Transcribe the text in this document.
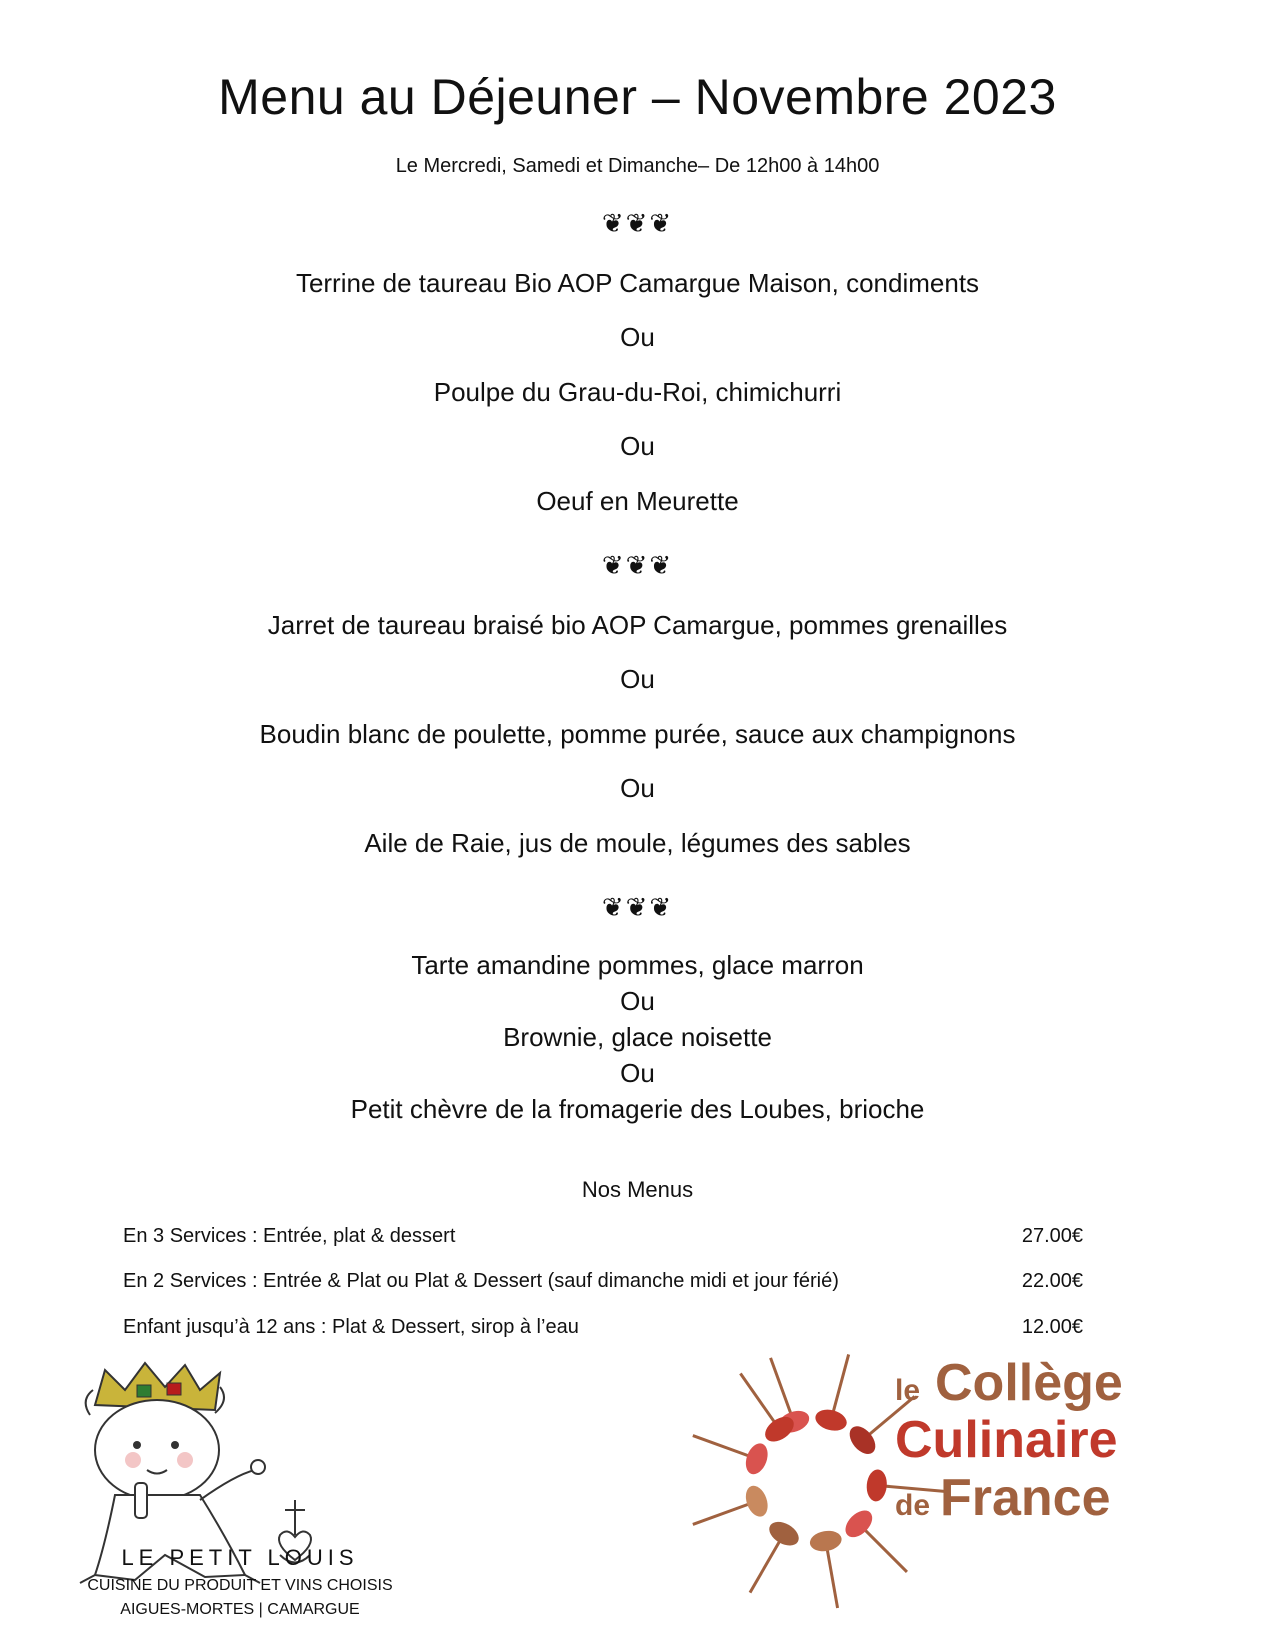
Menu au Déjeuner – Novembre 2023
Le Mercredi, Samedi et Dimanche– De 12h00 à 14h00
❦❦❦
Terrine de taureau Bio AOP Camargue Maison, condiments
Ou
Poulpe du Grau-du-Roi, chimichurri
Ou
Oeuf en Meurette
❦❦❦
Jarret de taureau braisé bio AOP Camargue, pommes grenailles
Ou
Boudin blanc de poulette, pomme purée, sauce aux champignons
Ou
Aile de Raie, jus de moule, légumes des sables
❦❦❦
Tarte amandine pommes, glace marron
Ou
Brownie, glace noisette
Ou
Petit chèvre de la fromagerie des Loubes, brioche
Nos Menus
En 3 Services : Entrée, plat & dessert	27.00€
En 2 Services : Entrée & Plat ou Plat & Dessert (sauf dimanche midi et jour férié)	22.00€
Enfant jusqu’à 12 ans : Plat & Dessert, sirop à l’eau	12.00€
LE PETIT LOUIS
CUISINE DU PRODUIT ET VINS CHOISIS
AIGUES-MORTES | CAMARGUE
le Collège
Culinaire
de France
